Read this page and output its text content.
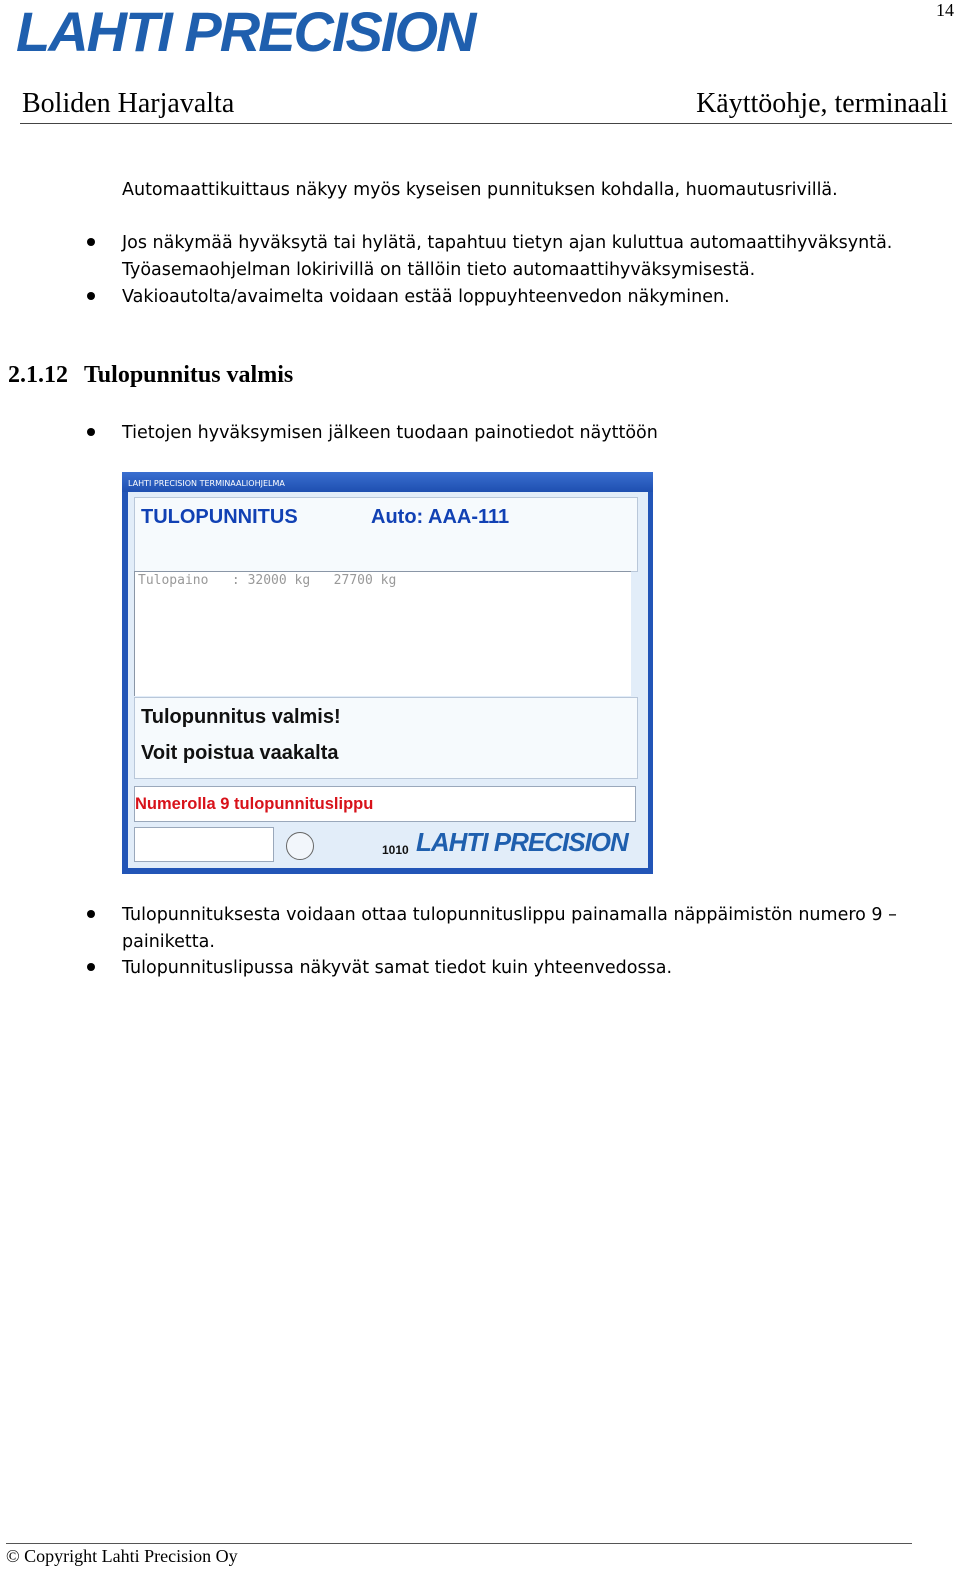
LAHTI PRECISION	14
Boliden Harjavalta	Käyttöohje, terminaali
Automaattikuittaus näkyy myös kyseisen punnituksen kohdalla, huomautusrivillä.
Jos näkymää hyväksytä tai hylätä, tapahtuu tietyn ajan kuluttua automaattihyväksyntä.
Työasemaohjelman lokirivillä on tällöin tieto automaattihyväksymisestä.
Vakioautolta/avaimelta voidaan estää loppuyhteenvedon näkyminen.
2.1.12 Tulopunnitus valmis
Tietojen hyväksymisen jälkeen tuodaan painotiedot näyttöön
LAHTI PRECISION TERMINAALIOHJELMA
TULOPUNNITUS	Auto: AAA-111
Tulopaino   : 32000 kg   27700 kg
Tulopunnitus valmis!
Voit poistua vaakalta
Numerolla 9 tulopunnituslippu
1010 LAHTI PRECISION
Tulopunnituksesta voidaan ottaa tulopunnituslippu painamalla näppäimistön numero 9 –
painiketta.
Tulopunnituslipussa näkyvät samat tiedot kuin yhteenvedossa.
© Copyright Lahti Precision Oy
